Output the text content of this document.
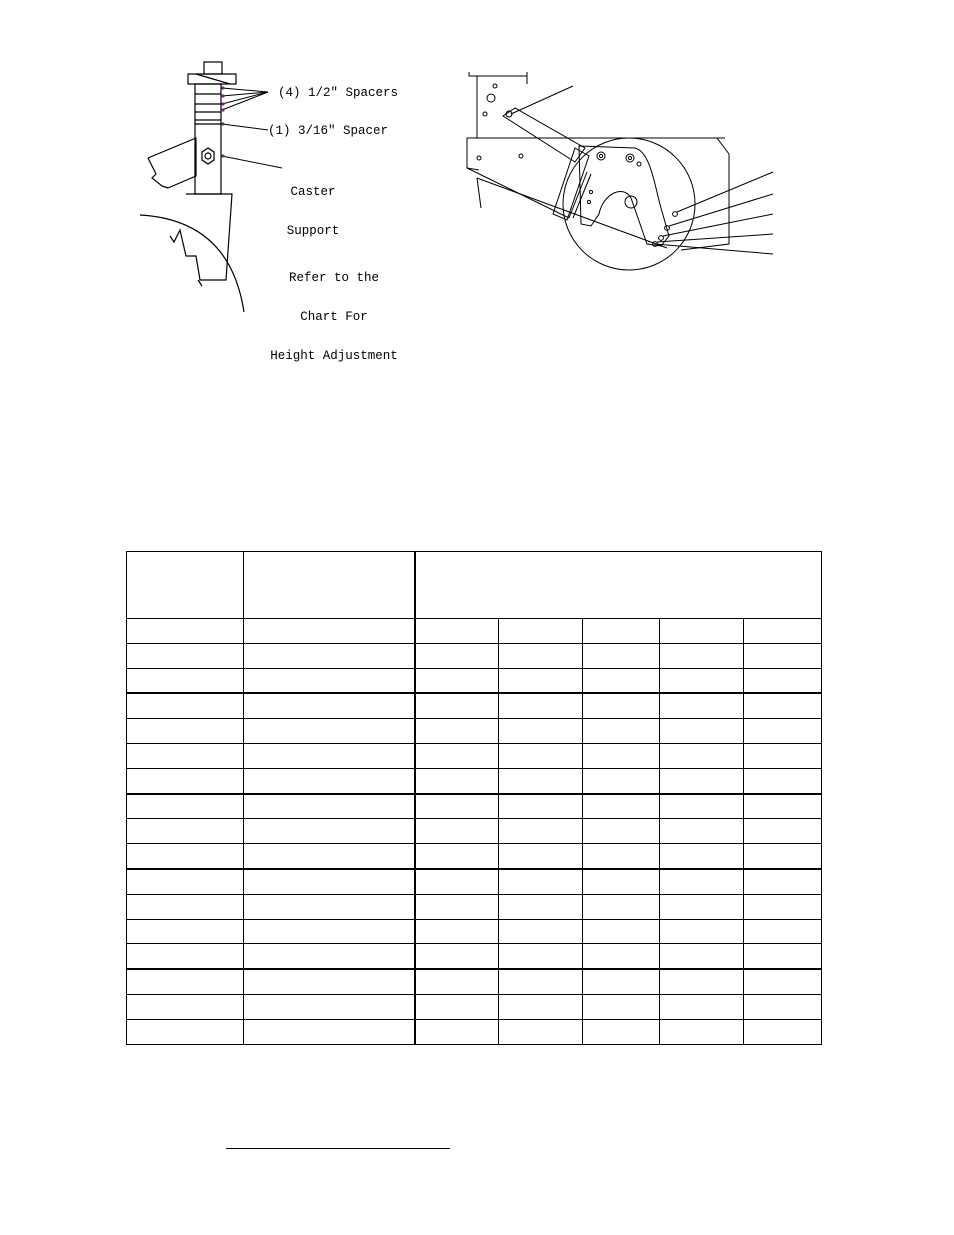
(4) 1/2" Spacers
(1) 3/16" Spacer

Caster

Support

Refer to the

Chart For

Height Adjustment
